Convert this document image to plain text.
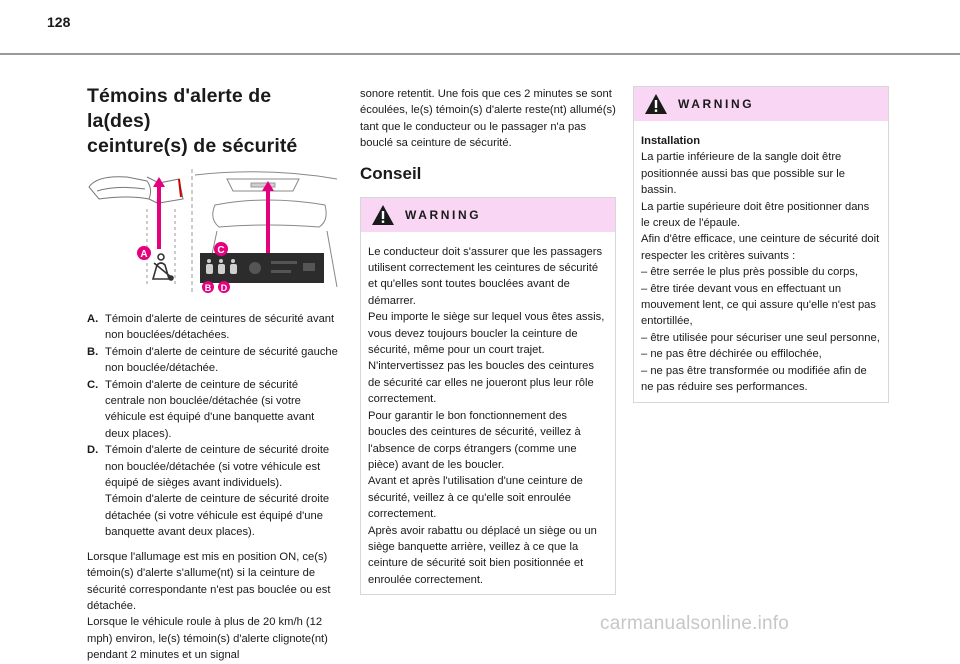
128
Témoins d'alerte de la(des)
ceinture(s) de sécurité
A	C
B D
A. Témoin d'alerte de ceintures de sécurité avant non bouclées/détachées.
B. Témoin d'alerte de ceinture de sécurité gauche non bouclée/détachée.
C. Témoin d'alerte de ceinture de sécurité centrale non bouclée/détachée (si votre véhicule est équipé d'une banquette avant deux places).
D. Témoin d'alerte de ceinture de sécurité droite non bouclée/détachée (si votre véhicule est équipé de sièges avant individuels).
Témoin d'alerte de ceinture de sécurité droite détachée (si votre véhicule est équipé d'une banquette avant deux places).
Lorsque l'allumage est mis en position ON, ce(s) témoin(s) d'alerte s'allume(nt) si la ceinture de sécurité correspondante n'est pas bouclée ou est détachée.
Lorsque le véhicule roule à plus de 20 km/h (12 mph) environ, le(s) témoin(s) d'alerte clignote(nt) pendant 2 minutes et un signal
sonore retentit. Une fois que ces 2 minutes se sont écoulées, le(s) témoin(s) d'alerte reste(nt) allumé(s) tant que le conducteur ou le passager n'a pas bouclé sa ceinture de sécurité.
Conseil
WARNING
Le conducteur doit s'assurer que les passagers utilisent correctement les ceintures de sécurité et qu'elles sont toutes bouclées avant de démarrer.
Peu importe le siège sur lequel vous êtes assis, vous devez toujours boucler la ceinture de sécurité, même pour un court trajet.
N'intervertissez pas les boucles des ceintures de sécurité car elles ne joueront plus leur rôle correctement.
Pour garantir le bon fonctionnement des boucles des ceintures de sécurité, veillez à l'absence de corps étrangers (comme une pièce) avant de les boucler.
Avant et après l'utilisation d'une ceinture de sécurité, veillez à ce qu'elle soit enroulée correctement.
Après avoir rabattu ou déplacé un siège ou un siège banquette arrière, veillez à ce que la ceinture de sécurité soit bien positionnée et enroulée correctement.
WARNING
Installation
La partie inférieure de la sangle doit être positionnée aussi bas que possible sur le bassin.
La partie supérieure doit être positionner dans le creux de l'épaule.
Afin d'être efficace, une ceinture de sécurité doit respecter les critères suivants :
– être serrée le plus près possible du corps,
– être tirée devant vous en effectuant un mouvement lent, ce qui assure qu'elle n'est pas entortillée,
– être utilisée pour sécuriser une seul personne,
– ne pas être déchirée ou effilochée,
– ne pas être transformée ou modifiée afin de ne pas réduire ses performances.
carmanualsonline.info
